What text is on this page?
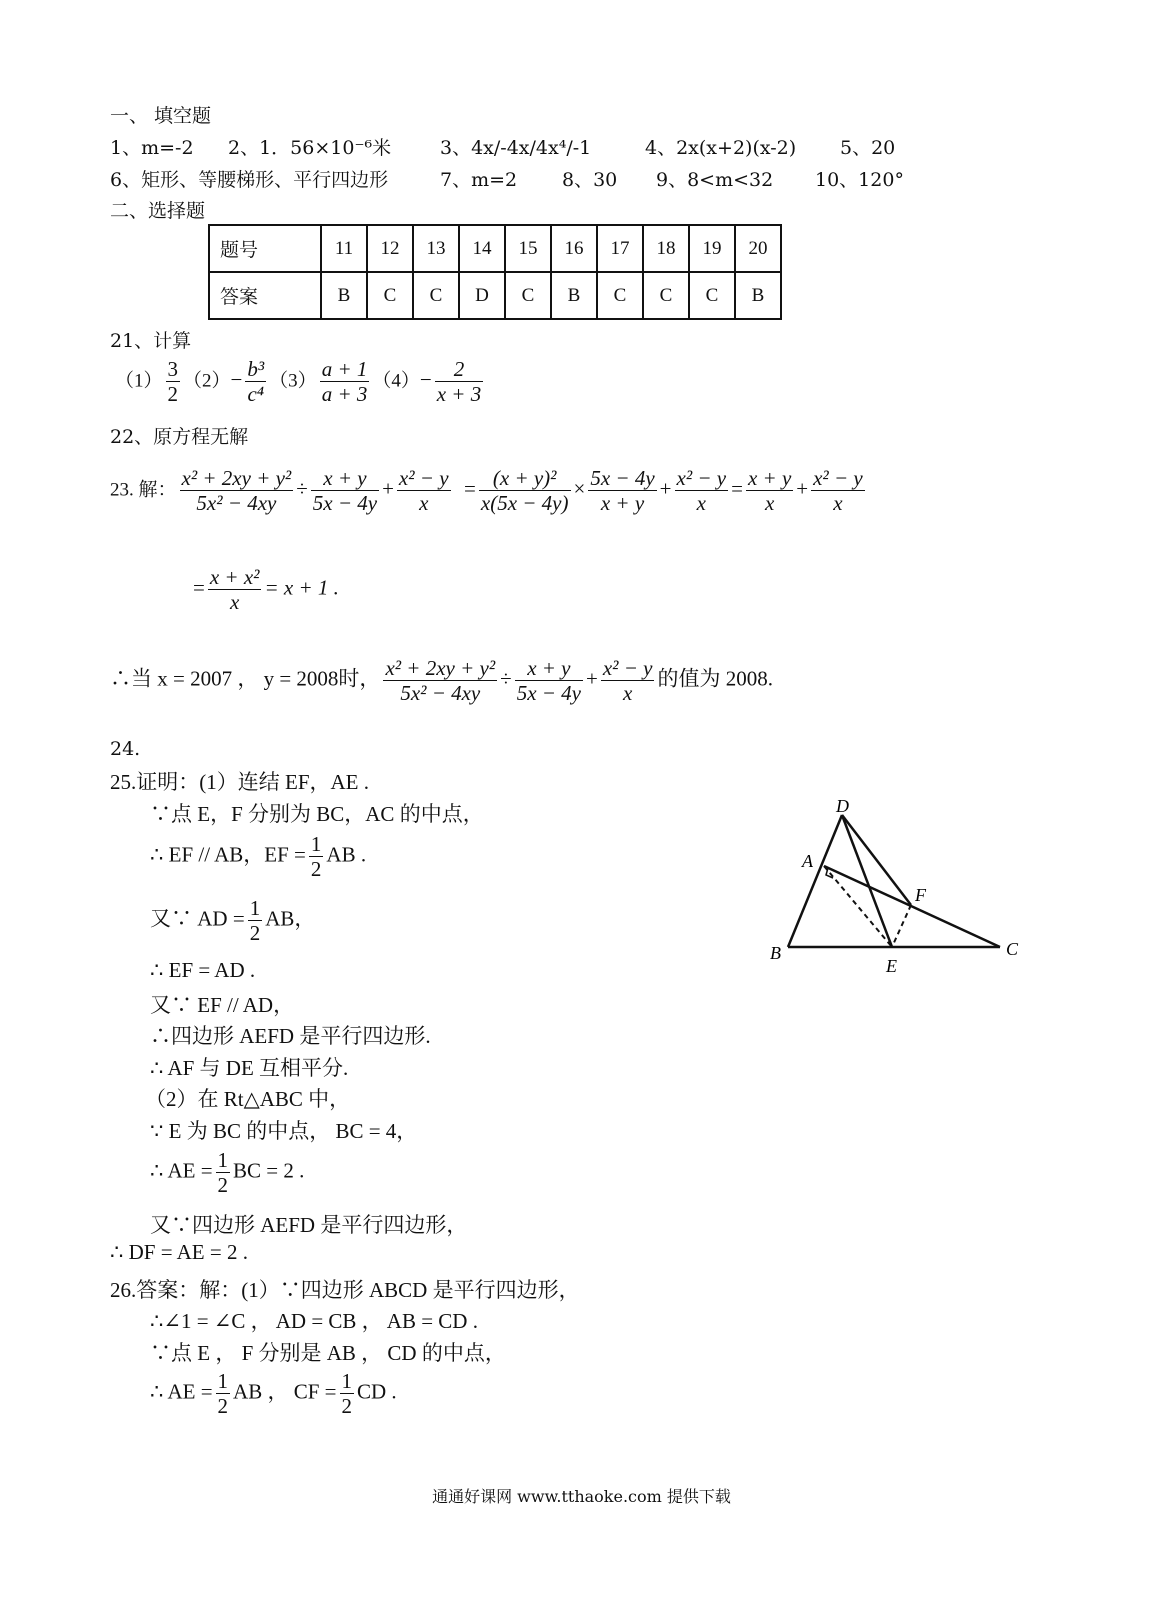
一、 填空题
1、m=-2 2、1．56×10⁻⁶米	3、4x/-4x/4x⁴/-1	4、2x(x+2)(x-2) 5、20
6、矩形、等腰梯形、平行四边形	7、m=2 8、30 9、8<m<32 10、120°
二、选择题
题号	11	12	13	14	15	16	17	18	19	20
答案	B	C	C	D	C	B	C	C	C	B
21、计算
$(1) \frac{3}{2} (2)- \frac{\text{b³}}{\text{c⁴}} (3) \frac{a + 1}{a + 3} (4)- \frac{2}{x + 3}$
22、原方程无解
23. 解： $\frac{\text{x² + 2xy + y²}}{\text{5x² − 4xy}} \div \frac{x + y}{5x - 4y} + \frac{\text{x² − y}}{x} = \frac{\text{(x + y)²}}{x(5x - 4y)} \times \frac{5x - 4y}{x + y} + \frac{\text{x² − y}}{x} = \frac{x + y}{x} + \frac{\text{x² − y}}{x}$
= $\frac{\text{x + x²}}{x} = x + 1$ .
∴当 x = 2007 ， y = 2008时， $\frac{\text{x² + 2xy + y²}}{\text{5x² − 4xy}} \div \frac{x + y}{5x - 4y} + \frac{\text{x² − y}}{x}$ 的值为 2008.
24.
25.证明：(1）连结 EF，AE .
∵点 E，F 分别为 BC，AC 的中点，
∴ EF // AB，EF = $\frac{1}{2}$ AB .
又∵ AD = $\frac{1}{2}$ AB，
∴ EF = AD .
又∵ EF // AD，
∴四边形 AEFD 是平行四边形.
∴ AF 与 DE 互相平分.
（2）在 Rt△ABC 中，
∵ E 为 BC 的中点， BC = 4，
∴ AE = $\frac{1}{2}$ BC = 2 .
又∵四边形 AEFD 是平行四边形，
∴ DF = AE = 2 .
D
A
B	C
E
F
26.答案：解：(1）∵四边形 ABCD 是平行四边形，
∴∠1 = ∠C ， AD = CB ， AB = CD .
∵点 E ， F 分别是 AB ， CD 的中点，
∴ AE = $\frac{1}{2}$ AB ， CF = $\frac{1}{2}$ CD .
通通好课网 www.tthaoke.com 提供下载
